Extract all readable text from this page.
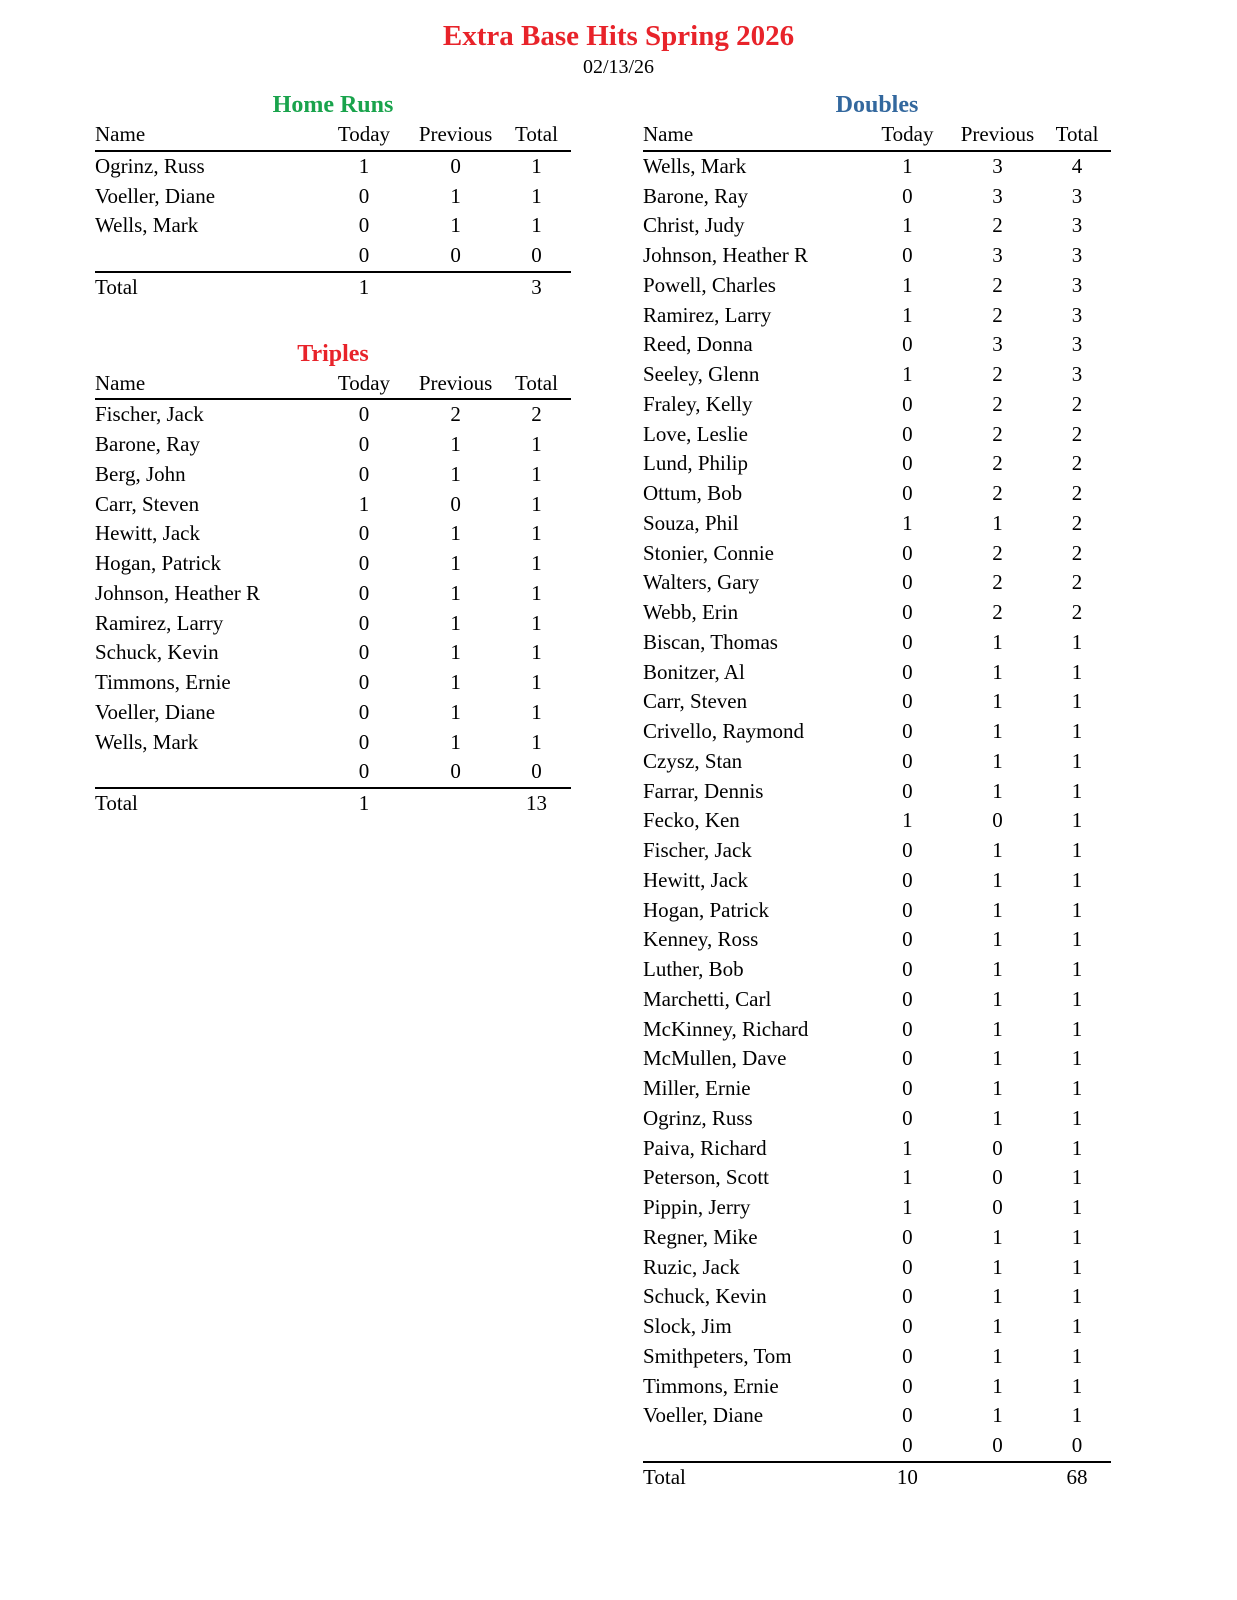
Extra Base Hits Spring 2026
02/13/26
Home Runs
Name	Today	Previous	Total
Ogrinz, Russ	1	0	1
Voeller, Diane	0	1	1
Wells, Mark	0	1	1
	0	0	0
Total	1		3
Triples
Name	Today	Previous	Total
Fischer, Jack	0	2	2
Barone, Ray	0	1	1
Berg, John	0	1	1
Carr, Steven	1	0	1
Hewitt, Jack	0	1	1
Hogan, Patrick	0	1	1
Johnson, Heather R	0	1	1
Ramirez, Larry	0	1	1
Schuck, Kevin	0	1	1
Timmons, Ernie	0	1	1
Voeller, Diane	0	1	1
Wells, Mark	0	1	1
	0	0	0
Total	1		13
Doubles
Name	Today	Previous	Total
Wells, Mark	1	3	4
Barone, Ray	0	3	3
Christ, Judy	1	2	3
Johnson, Heather R	0	3	3
Powell, Charles	1	2	3
Ramirez, Larry	1	2	3
Reed, Donna	0	3	3
Seeley, Glenn	1	2	3
Fraley, Kelly	0	2	2
Love, Leslie	0	2	2
Lund, Philip	0	2	2
Ottum, Bob	0	2	2
Souza, Phil	1	1	2
Stonier, Connie	0	2	2
Walters, Gary	0	2	2
Webb, Erin	0	2	2
Biscan, Thomas	0	1	1
Bonitzer, Al	0	1	1
Carr, Steven	0	1	1
Crivello, Raymond	0	1	1
Czysz, Stan	0	1	1
Farrar, Dennis	0	1	1
Fecko, Ken	1	0	1
Fischer, Jack	0	1	1
Hewitt, Jack	0	1	1
Hogan, Patrick	0	1	1
Kenney, Ross	0	1	1
Luther, Bob	0	1	1
Marchetti, Carl	0	1	1
McKinney, Richard	0	1	1
McMullen, Dave	0	1	1
Miller, Ernie	0	1	1
Ogrinz, Russ	0	1	1
Paiva, Richard	1	0	1
Peterson, Scott	1	0	1
Pippin, Jerry	1	0	1
Regner, Mike	0	1	1
Ruzic, Jack	0	1	1
Schuck, Kevin	0	1	1
Slock, Jim	0	1	1
Smithpeters, Tom	0	1	1
Timmons, Ernie	0	1	1
Voeller, Diane	0	1	1
	0	0	0
Total	10		68
